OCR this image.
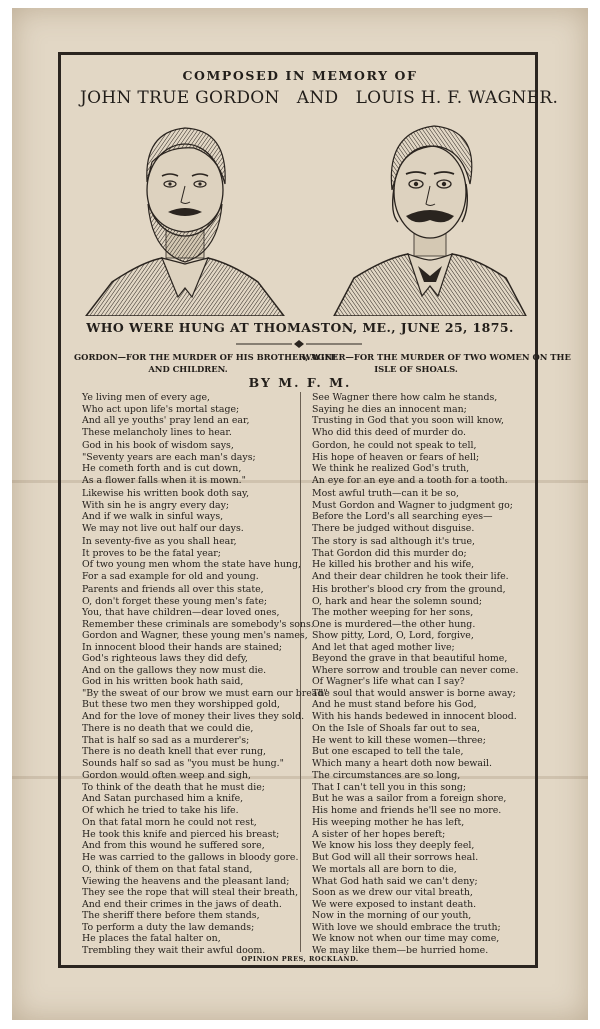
COMPOSED IN MEMORY OF
JOHN TRUE GORDON   AND   LOUIS H. F. WAGNER.
WHO WERE HUNG AT THOMASTON, ME., JUNE 25, 1875.
GORDON—FOR THE MURDER OF HIS BROTHER, WIFE
AND CHILDREN.
WAGNER—FOR THE MURDER OF TWO WOMEN ON THE
ISLE OF SHOALS.
BY M. F. M.
Ye living men of every age,
Who act upon life's mortal stage;
And all ye youths' pray lend an ear,
These melancholy lines to hear.
God in his book of wisdom says,
"Seventy years are each man's days;
He cometh forth and is cut down,
As a flower falls when it is mown."
Likewise his written book doth say,
With sin he is angry every day;
And if we walk in sinful ways,
We may not live out half our days.
In seventy-five as you shall hear,
It proves to be the fatal year;
Of two young men whom the state have hung,
For a sad example for old and young.
Parents and friends all over this state,
O, don't forget these young men's fate;
You, that have children—dear loved ones,
Remember these criminals are somebody's sons.
Gordon and Wagner, these young men's names,
In innocent blood their hands are stained;
God's righteous laws they did defy,
And on the gallows they now must die.
God in his written book hath said,
"By the sweat of our brow we must earn our bread"
But these two men they worshipped gold,
And for the love of money their lives they sold.
There is no death that we could die,
That is half so sad as a murderer's;
There is no death knell that ever rung,
Sounds half so sad as "you must be hung."
Gordon would often weep and sigh,
To think of the death that he must die;
And Satan purchased him a knife,
Of which he tried to take his life.
On that fatal morn he could not rest,
He took this knife and pierced his breast;
And from this wound he suffered sore,
He was carried to the gallows in bloody gore.
O, think of them on that fatal stand,
Viewing the heavens and the pleasant land;
They see the rope that will steal their breath,
And end their crimes in the jaws of death.
The sheriff there before them stands,
To perform a duty the law demands;
He places the fatal halter on,
Trembling they wait their awful doom.
See Wagner there how calm he stands,
Saying he dies an innocent man;
Trusting in God that you soon will know,
Who did this deed of murder do.
Gordon, he could not speak to tell,
His hope of heaven or fears of hell;
We think he realized God's truth,
An eye for an eye and a tooth for a tooth.
Most awful truth—can it be so,
Must Gordon and Wagner to judgment go;
Before the Lord's all searching eyes—
There be judged without disguise.
The story is sad although it's true,
That Gordon did this murder do;
He killed his brother and his wife,
And their dear children he took their life.
His brother's blood cry from the ground,
O, hark and hear the solemn sound;
The mother weeping for her sons,
One is murdered—the other hung.
Show pitty, Lord, O, Lord, forgive,
And let that aged mother live;
Beyond the grave in that beautiful home,
Where sorrow and trouble can never come.
Of Wagner's life what can I say?
The soul that would answer is borne away;
And he must stand before his God,
With his hands bedewed in innocent blood.
On the Isle of Shoals far out to sea,
He went to kill these women—three;
But one escaped to tell the tale,
Which many a heart doth now bewail.
The circumstances are so long,
That I can't tell you in this song;
But he was a sailor from a foreign shore,
His home and friends he'll see no more.
His weeping mother he has left,
A sister of her hopes bereft;
We know his loss they deeply feel,
But God will all their sorrows heal.
We mortals all are born to die,
What God hath said we can't deny;
Soon as we drew our vital breath,
We were exposed to instant death.
Now in the morning of our youth,
With love we should embrace the truth;
We know not when our time may come,
We may like them—be hurried home.
OPINION PRES, ROCKLAND.
